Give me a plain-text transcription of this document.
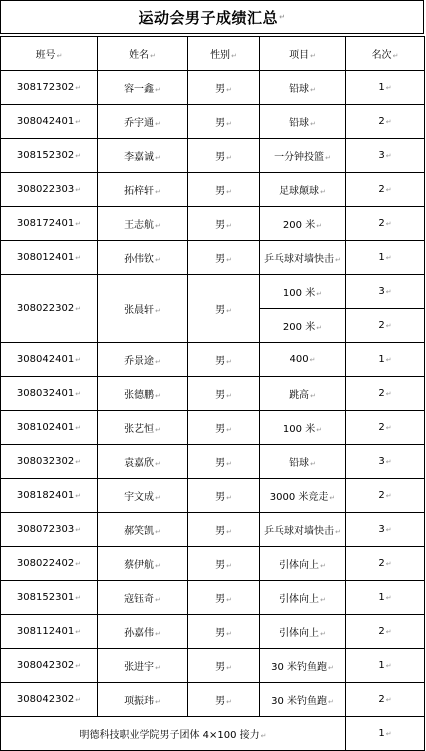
运动会男子成绩汇总 ↵
班号↵	姓名↵	性别↵	项目↵	名次↵
308172302↵	容一鑫↵	男↵	铅球↵	1↵
308042401↵	乔宇通↵	男↵	铅球↵	2↵
308152302↵	李嘉诚↵	男↵	一分钟投篮↵	3↵
308022303↵	拓梓轩↵	男↵	足球颠球↵	2↵
308172401↵	王志航↵	男↵	200 米↵	2↵
308012401↵	孙伟钦↵	男↵	乒乓球对墙快击↵	1↵
308022302↵	张晨轩↵	男↵	100 米↵	3↵
			200 米↵	2↵
308042401↵	乔景途↵	男↵	400↵	1↵
308032401↵	张德鹏↵	男↵	跳高↵	2↵
308102401↵	张艺恒↵	男↵	100 米↵	2↵
308032302↵	袁嘉欣↵	男↵	铅球↵	3↵
308182401↵	宇文成↵	男↵	3000 米竞走↵	2↵
308072303↵	郝笑凯↵	男↵	乒乓球对墙快击↵	3↵
308022402↵	蔡伊航↵	男↵	引体向上↵	2↵
308152301↵	寇钰奇↵	男↵	引体向上↵	1↵
308112401↵	孙嘉伟↵	男↵	引体向上↵	2↵
308042302↵	张进宇↵	男↵	30 米钓鱼跑↵	1↵
308042302↵	项振玮↵	男↵	30 米钓鱼跑↵	2↵
明德科技职业学院男子团体 4×100 接力↵				1↵
